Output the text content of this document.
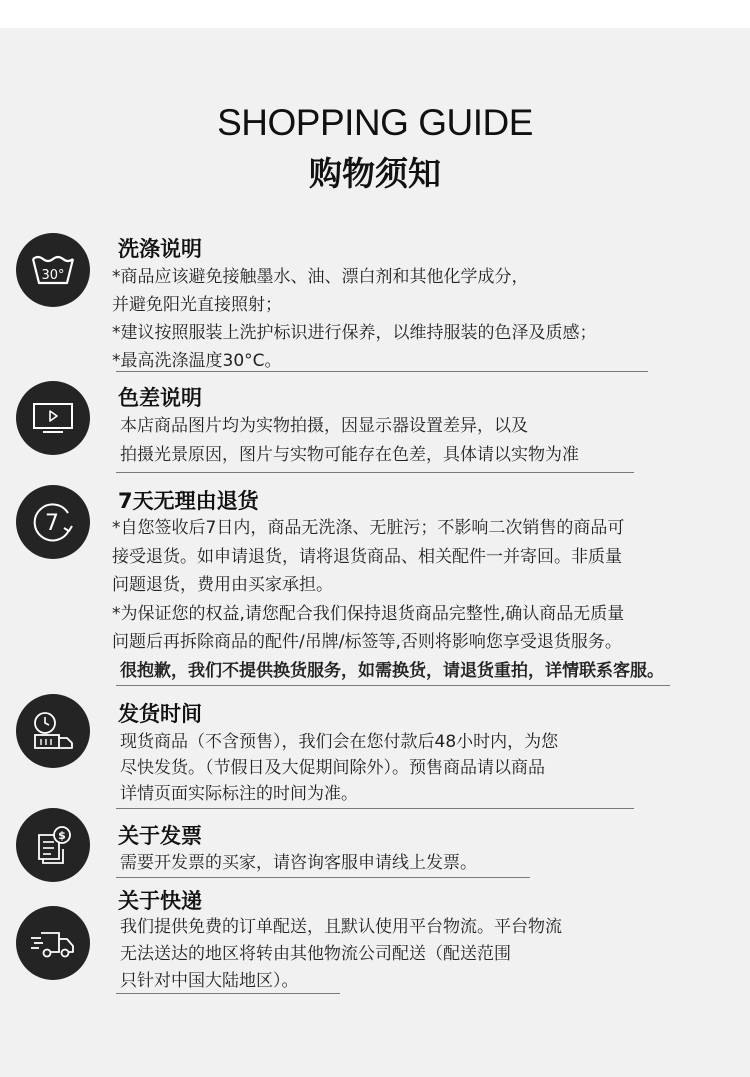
SHOPPING GUIDE
购物须知
30°
洗涤说明
*商品应该避免接触墨水、油、漂白剂和其他化学成分，
并避免阳光直接照射；
*建议按照服装上洗护标识进行保养，以维持服装的色泽及质感；
*最高洗涤温度30°C。
色差说明
本店商品图片均为实物拍摄，因显示器设置差异，以及
拍摄光景原因，图片与实物可能存在色差，具体请以实物为准
7
7天无理由退货
*自您签收后7日内，商品无洗涤、无脏污；不影响二次销售的商品可
接受退货。如申请退货，请将退货商品、相关配件一并寄回。非质量
问题退货，费用由买家承担。
*为保证您的权益,请您配合我们保持退货商品完整性,确认商品无质量
问题后再拆除商品的配件/吊牌/标签等,否则将影响您享受退货服务。
很抱歉，我们不提供换货服务，如需换货，请退货重拍，详情联系客服。
发货时间
现货商品（不含预售），我们会在您付款后48小时内，为您
尽快发货。（节假日及大促期间除外）。预售商品请以商品
详情页面实际标注的时间为准。
$ 关于发票
需要开发票的买家，请咨询客服申请线上发票。
关于快递
我们提供免费的订单配送，且默认使用平台物流。平台物流
无法送达的地区将转由其他物流公司配送（配送范围
只针对中国大陆地区）。
